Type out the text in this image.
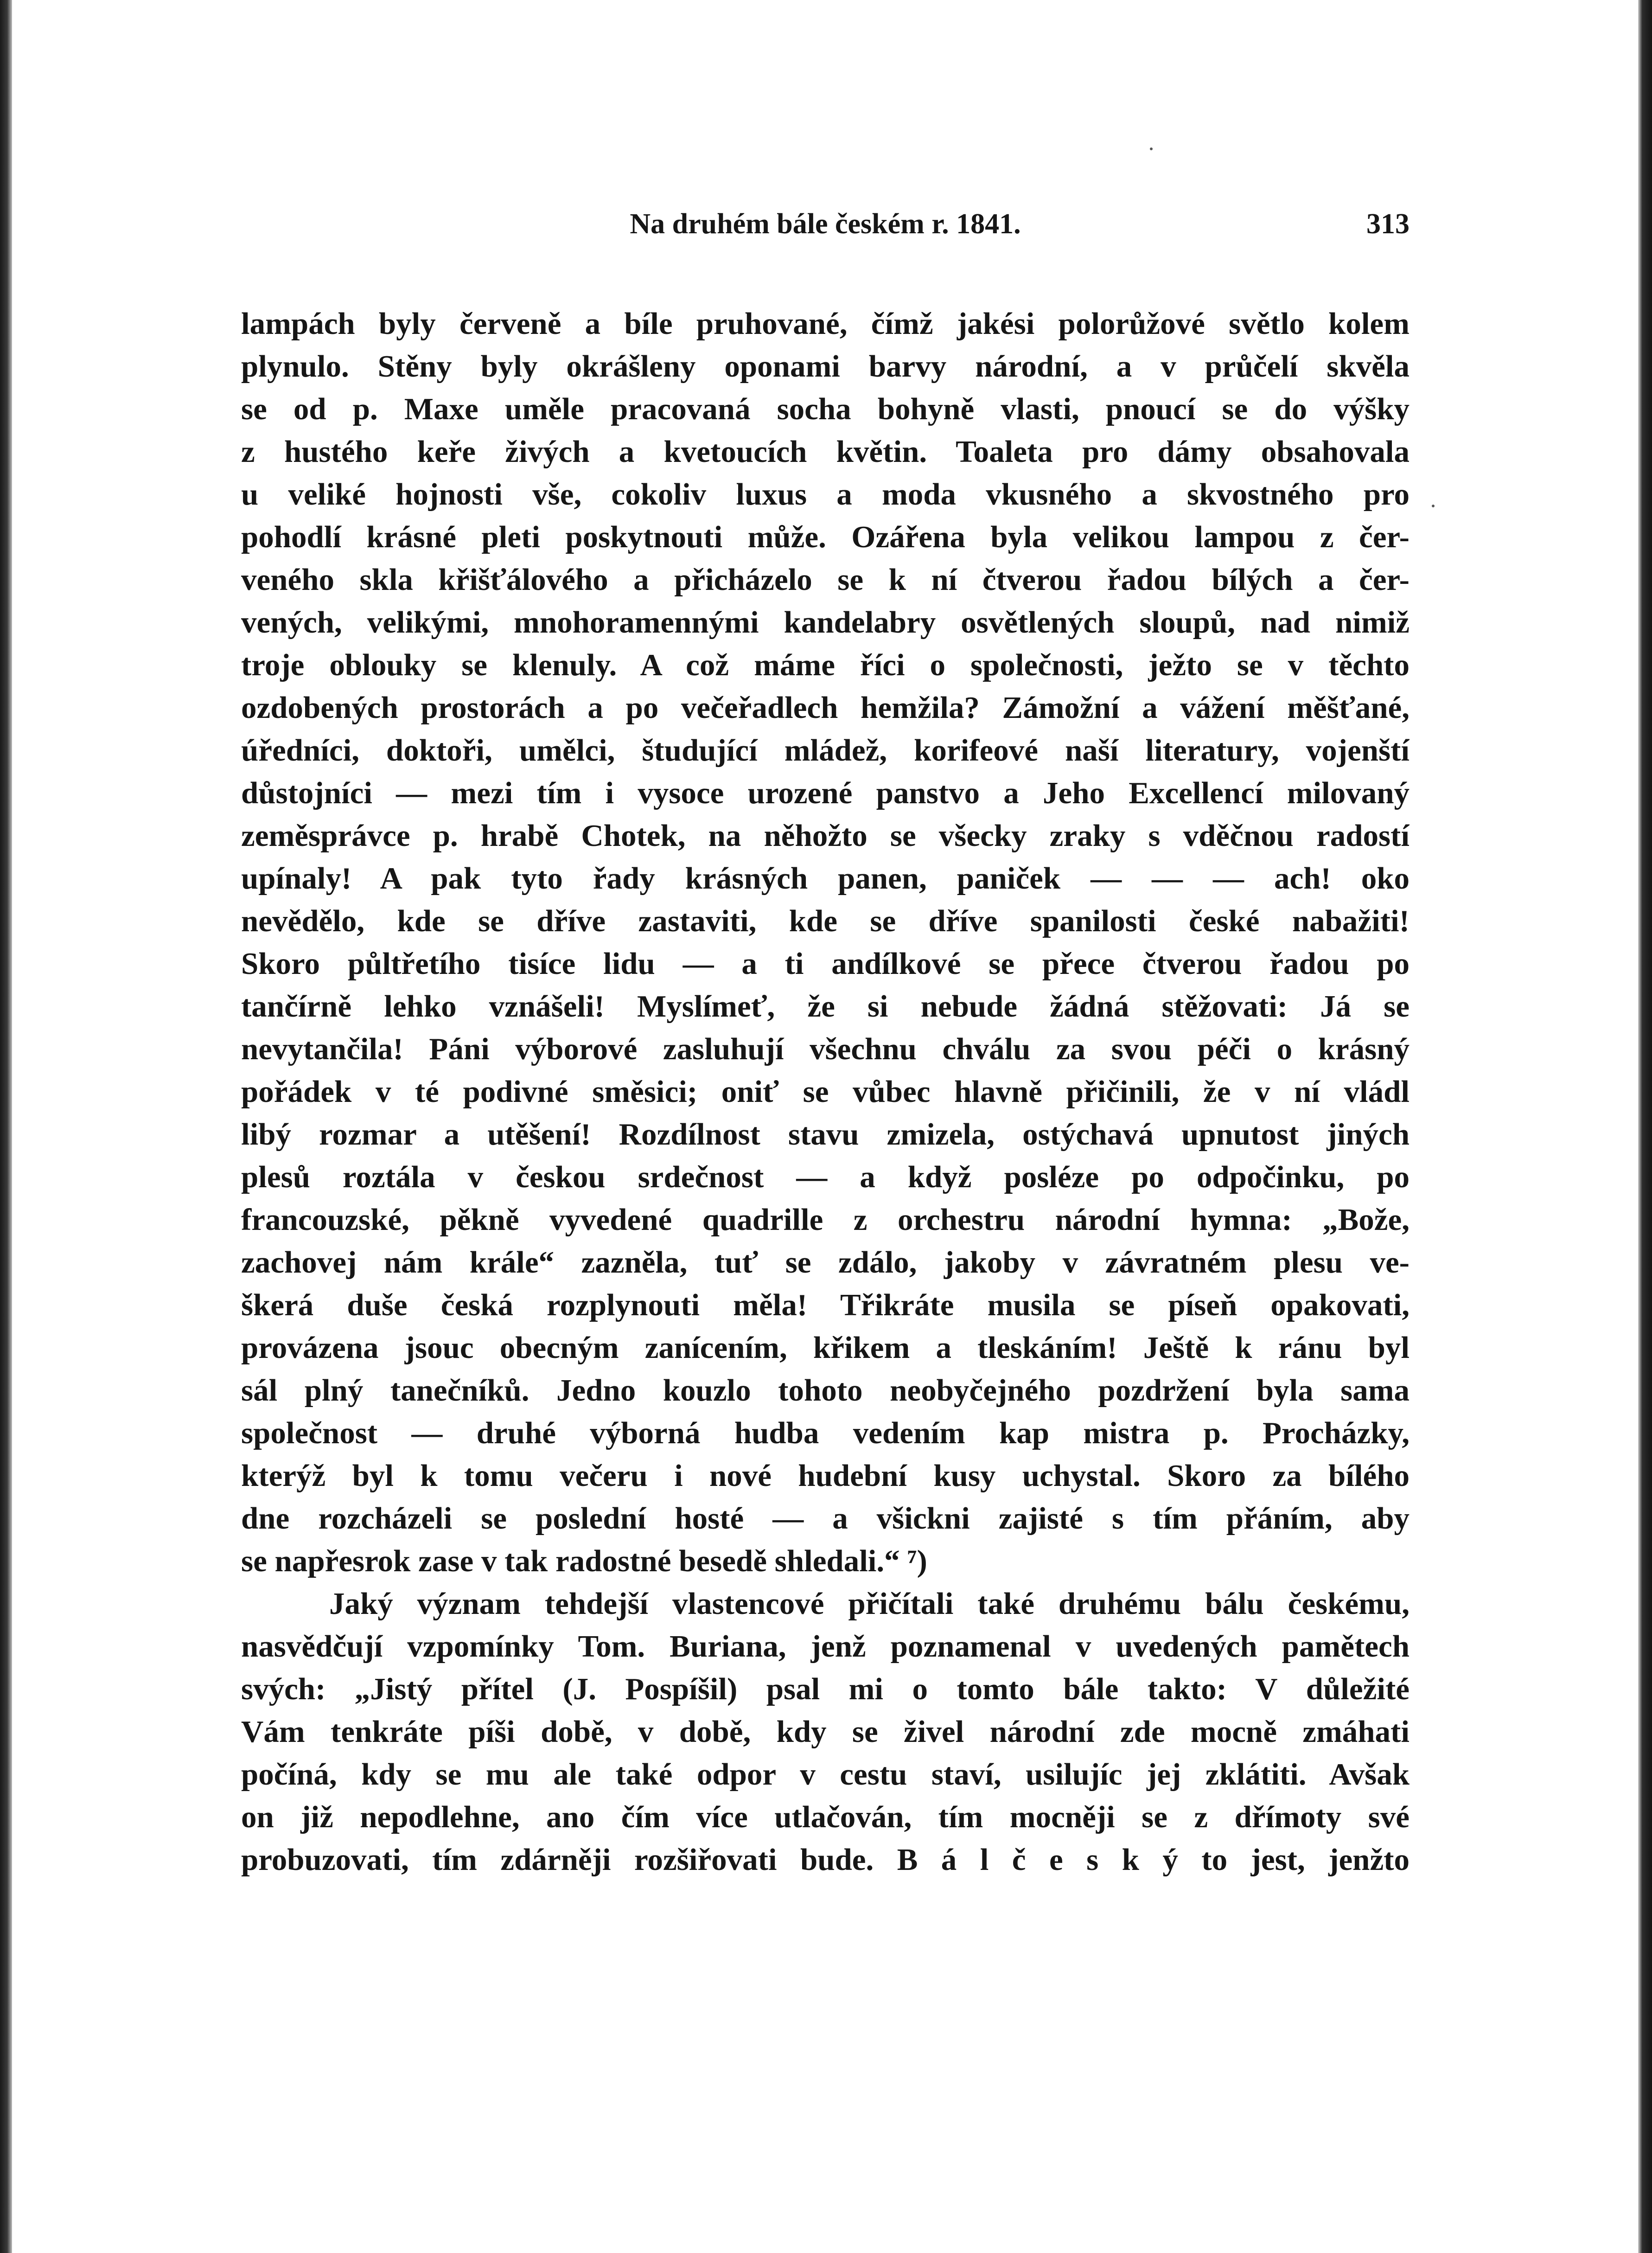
Na druhém bále českém r. 1841.	313
lampách byly červeně a bíle pruhované, čímž jakési polorůžové světlo kolem
plynulo. Stěny byly okrášleny oponami barvy národní, a v průčelí skvěla
se od p. Maxe uměle pracovaná socha bohyně vlasti, pnoucí se do výšky
z hustého keře živých a kvetoucích květin. Toaleta pro dámy obsahovala
u veliké hojnosti vše, cokoliv luxus a moda vkusného a skvostného pro
pohodlí krásné pleti poskytnouti může. Ozářena byla velikou lampou z čer-
veného skla křišťálového a přicházelo se k ní čtverou řadou bílých a čer-
vených, velikými, mnohoramennými kandelabry osvětlených sloupů, nad nimiž
troje oblouky se klenuly. A což máme říci o společnosti, ježto se v těchto
ozdobených prostorách a po večeřadlech hemžila? Zámožní a vážení měšťané,
úředníci, doktoři, umělci, študující mládež, korifeové naší literatury, vojenští
důstojníci — mezi tím i vysoce urozené panstvo a Jeho Excellencí milovaný
zeměsprávce p. hrabě Chotek, na něhožto se všecky zraky s vděčnou radostí
upínaly! A pak tyto řady krásných panen, paniček — — — ach! oko
nevědělo, kde se dříve zastaviti, kde se dříve spanilosti české nabažiti!
Skoro půltřetího tisíce lidu — a ti andílkové se přece čtverou řadou po
tančírně lehko vznášeli! Myslímeť, že si nebude žádná stěžovati: Já se
nevytančila! Páni výborové zasluhují všechnu chválu za svou péči o krásný
pořádek v té podivné směsici; oniť se vůbec hlavně přičinili, že v ní vládl
libý rozmar a utěšení! Rozdílnost stavu zmizela, ostýchavá upnutost jiných
plesů roztála v českou srdečnost — a když posléze po odpočinku, po
francouzské, pěkně vyvedené quadrille z orchestru národní hymna: „Bože,
zachovej nám krále“ zazněla, tuť se zdálo, jakoby v závratném plesu ve-
škerá duše česká rozplynouti měla! Třikráte musila se píseň opakovati,
provázena jsouc obecným zanícením, křikem a tleskáním! Ještě k ránu byl
sál plný tanečníků. Jedno kouzlo tohoto neobyčejného pozdržení byla sama
společnost — druhé výborná hudba vedením kap mistra p. Procházky,
kterýž byl k tomu večeru i nové hudební kusy uchystal. Skoro za bílého
dne rozcházeli se poslední hosté — a všickni zajisté s tím přáním, aby
se napřesrok zase v tak radostné besedě shledali.“ ⁷)
Jaký význam tehdejší vlastencové přičítali také druhému bálu českému,
nasvědčují vzpomínky Tom. Buriana, jenž poznamenal v uvedených pamětech
svých: „Jistý přítel (J. Pospíšil) psal mi o tomto bále takto: V důležité
Vám tenkráte píši době, v době, kdy se živel národní zde mocně zmáhati
počíná, kdy se mu ale také odpor v cestu staví, usilujíc jej zklátiti. Avšak
on již nepodlehne, ano čím více utlačován, tím mocněji se z dřímoty své
probuzovati, tím zdárněji rozšiřovati bude. B á l č e s k ý to jest, jenžto
